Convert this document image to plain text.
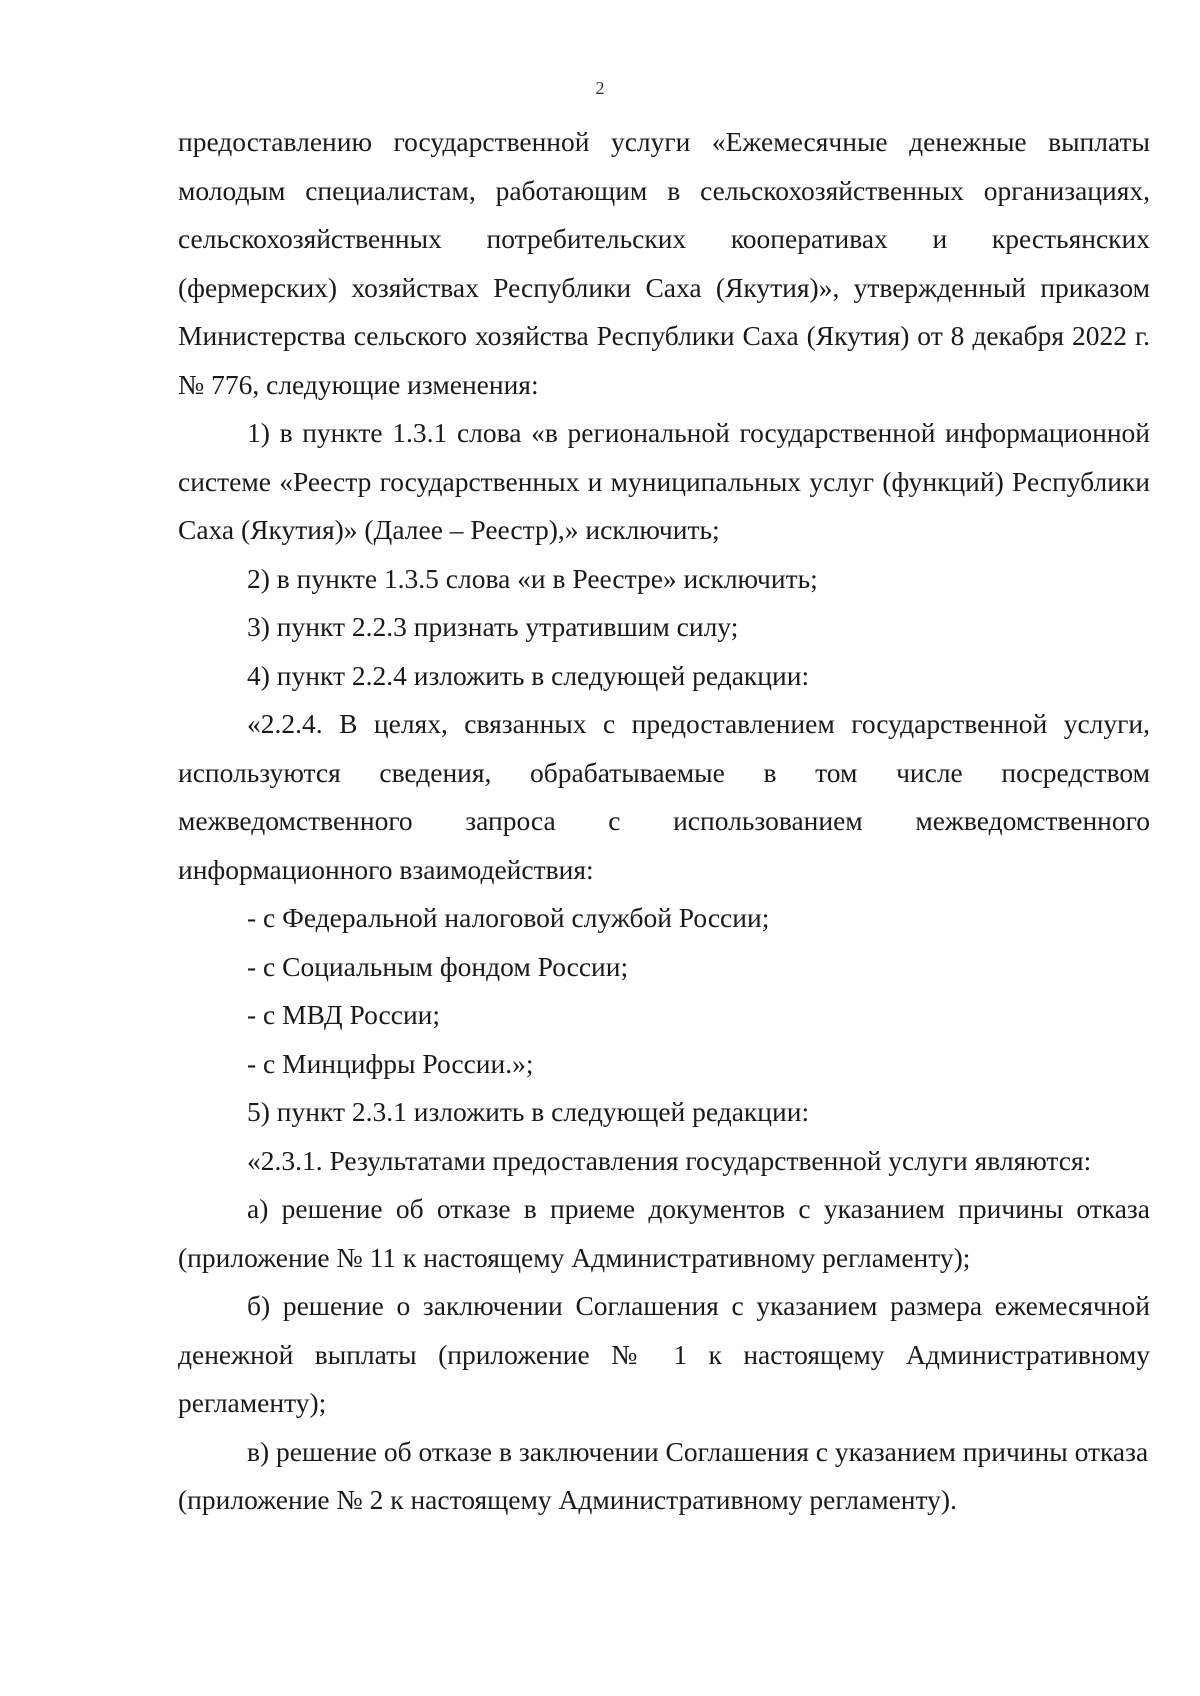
2

предоставлению государственной услуги «Ежемесячные денежные выплаты молодым специалистам, работающим в сельскохозяйственных организациях, сельскохозяйственных потребительских кооперативах и крестьянских (фермерских) хозяйствах Республики Саха (Якутия)», утвержденный приказом Министерства сельского хозяйства Республики Саха (Якутия) от 8 декабря 2022 г. № 776, следующие изменения:

1) в пункте 1.3.1 слова «в региональной государственной информационной системе «Реестр государственных и муниципальных услуг (функций) Республики Саха (Якутия)» (Далее – Реестр),» исключить;

2) в пункте 1.3.5 слова «и в Реестре» исключить;

3) пункт 2.2.3 признать утратившим силу;

4) пункт 2.2.4 изложить в следующей редакции:

«2.2.4. В целях, связанных с предоставлением государственной услуги, используются сведения, обрабатываемые в том числе посредством межведомственного запроса с использованием межведомственного информационного взаимодействия:

- с Федеральной налоговой службой России;

- с Социальным фондом России;

- с МВД России;

- с Минцифры России.»;

5) пункт 2.3.1 изложить в следующей редакции:

«2.3.1. Результатами предоставления государственной услуги являются:

а) решение об отказе в приеме документов с указанием причины отказа (приложение № 11 к настоящему Административному регламенту);

б) решение о заключении Соглашения с указанием размера ежемесячной денежной выплаты (приложение № 1 к настоящему Административному регламенту);

в) решение об отказе в заключении Соглашения с указанием причины отказа (приложение № 2 к настоящему Административному регламенту).
